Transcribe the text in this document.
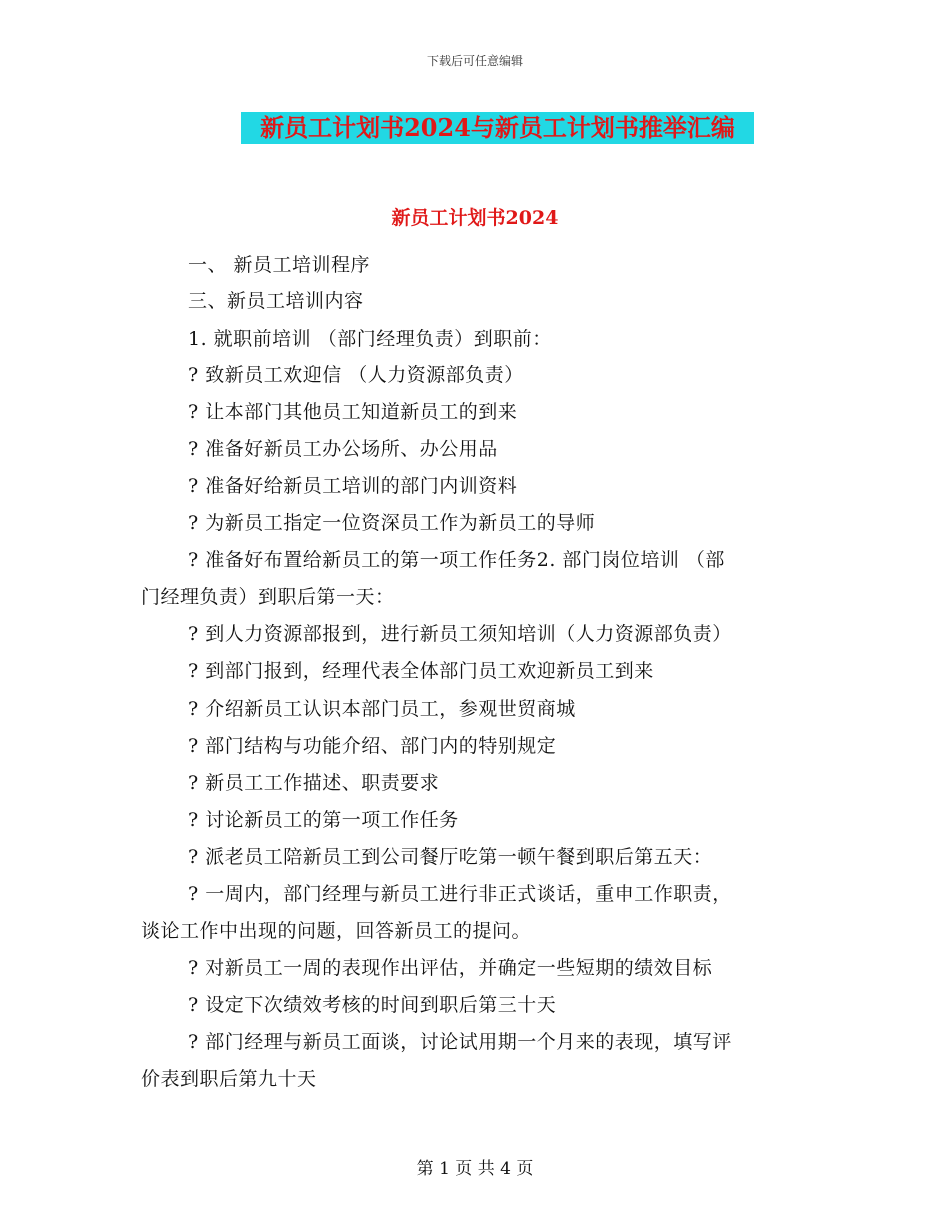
下载后可任意编辑
新员工计划书2024与新员工计划书推举汇编
新员工计划书2024
一、 新员工培训程序
三、新员工培训内容
1. 就职前培训 （部门经理负责）到职前：
? 致新员工欢迎信 （人力资源部负责）
? 让本部门其他员工知道新员工的到来
? 准备好新员工办公场所、办公用品
? 准备好给新员工培训的部门内训资料
? 为新员工指定一位资深员工作为新员工的导师
? 准备好布置给新员工的第一项工作任务2. 部门岗位培训 （部
门经理负责）到职后第一天：
? 到人力资源部报到，进行新员工须知培训（人力资源部负责）
? 到部门报到，经理代表全体部门员工欢迎新员工到来
? 介绍新员工认识本部门员工，参观世贸商城
? 部门结构与功能介绍、部门内的特别规定
? 新员工工作描述、职责要求
? 讨论新员工的第一项工作任务
? 派老员工陪新员工到公司餐厅吃第一顿午餐到职后第五天：
? 一周内，部门经理与新员工进行非正式谈话，重申工作职责，
谈论工作中出现的问题，回答新员工的提问。
? 对新员工一周的表现作出评估，并确定一些短期的绩效目标
? 设定下次绩效考核的时间到职后第三十天
? 部门经理与新员工面谈，讨论试用期一个月来的表现，填写评
价表到职后第九十天
第 1 页 共 4 页
